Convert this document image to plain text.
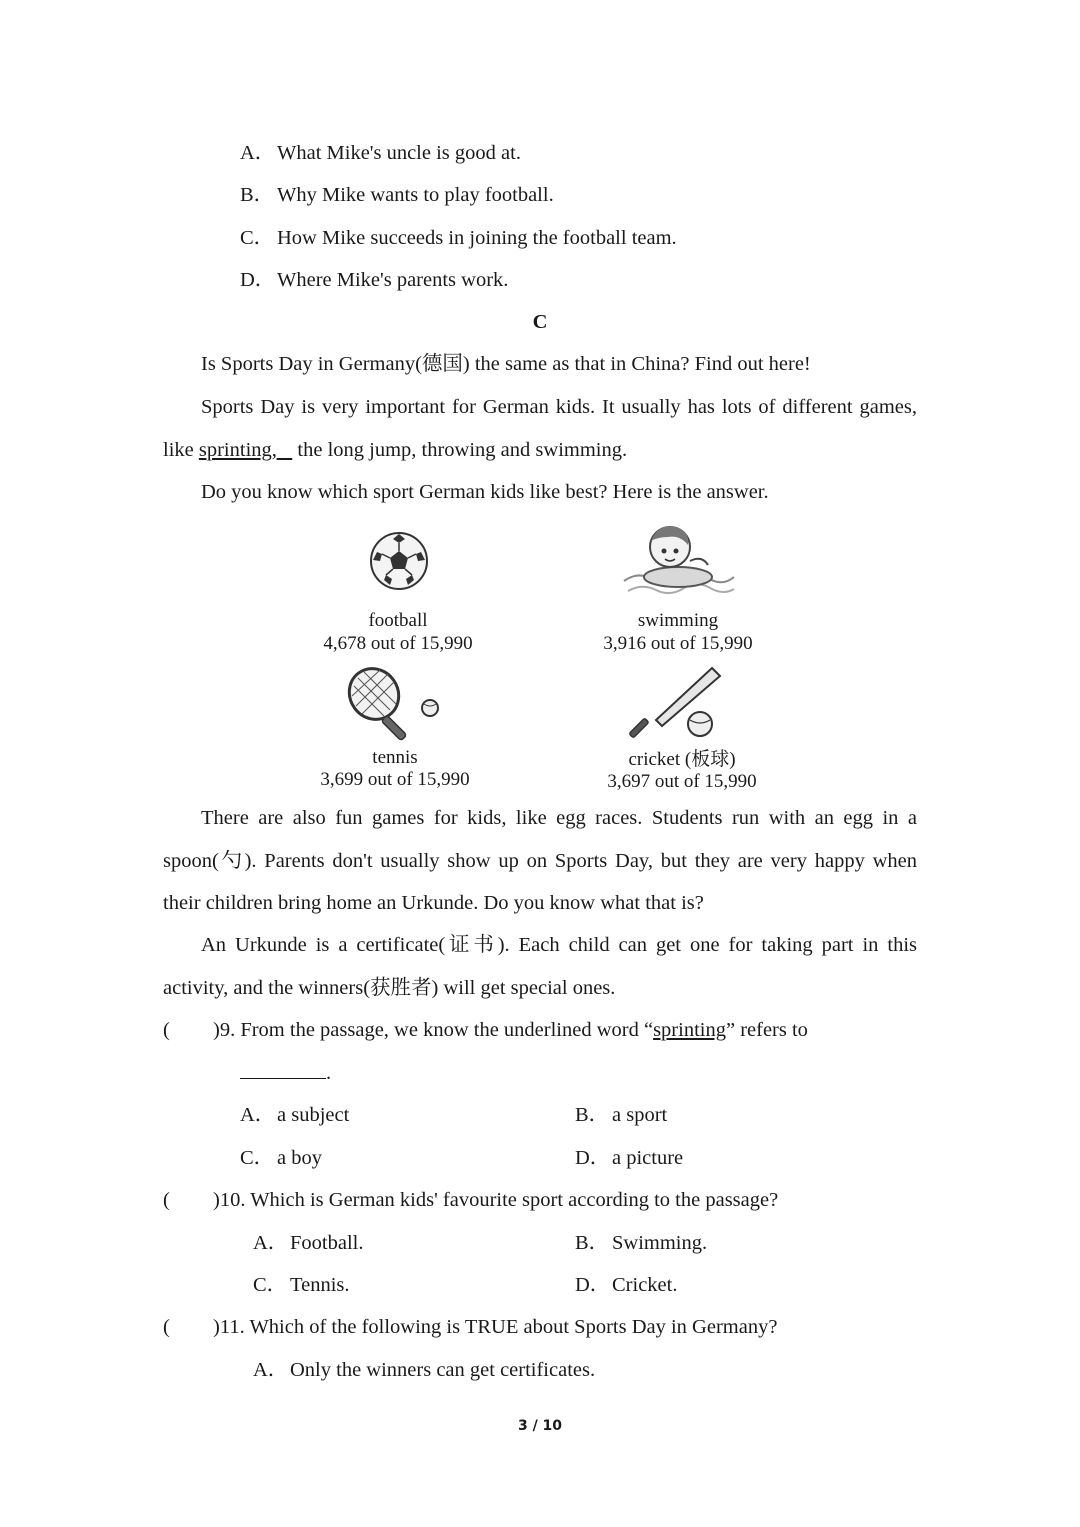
A．What Mike's uncle is good at.
B． Why Mike wants to play football.
C． How Mike succeeds in joining the football team.
D．Where Mike's parents work.
C
Is Sports Day in Germany(德国) the same as that in China? Find out here!
Sports Day is very important for German kids. It usually has lots of different games, like sprinting,    the long jump, throwing and swimming.
Do you know which sport German kids like best? Here is the answer.
football
4,678 out of 15,990
swimming
3,916 out of 15,990
tennis
3,699 out of 15,990
cricket (板球)
3,697 out of 15,990
There are also fun games for kids, like egg races. Students run with an egg in a spoon(勺). Parents don't usually show up on Sports Day, but they are very happy when their children bring home an Urkunde. Do you know what that is?
An Urkunde is a certificate(证书). Each child can get one for taking part in this activity, and the winners(获胜者) will get special ones.
( )9. From the passage, we know the underlined word “sprinting” refers to
.
A．a subject	B． a sport
C． a boy	D．a picture
( )10. Which is German kids' favourite sport according to the passage?
A．Football.	B． Swimming.
C． Tennis.	D．Cricket.
( )11. Which of the following is TRUE about Sports Day in Germany?
A．Only the winners can get certificates.
3 / 10
